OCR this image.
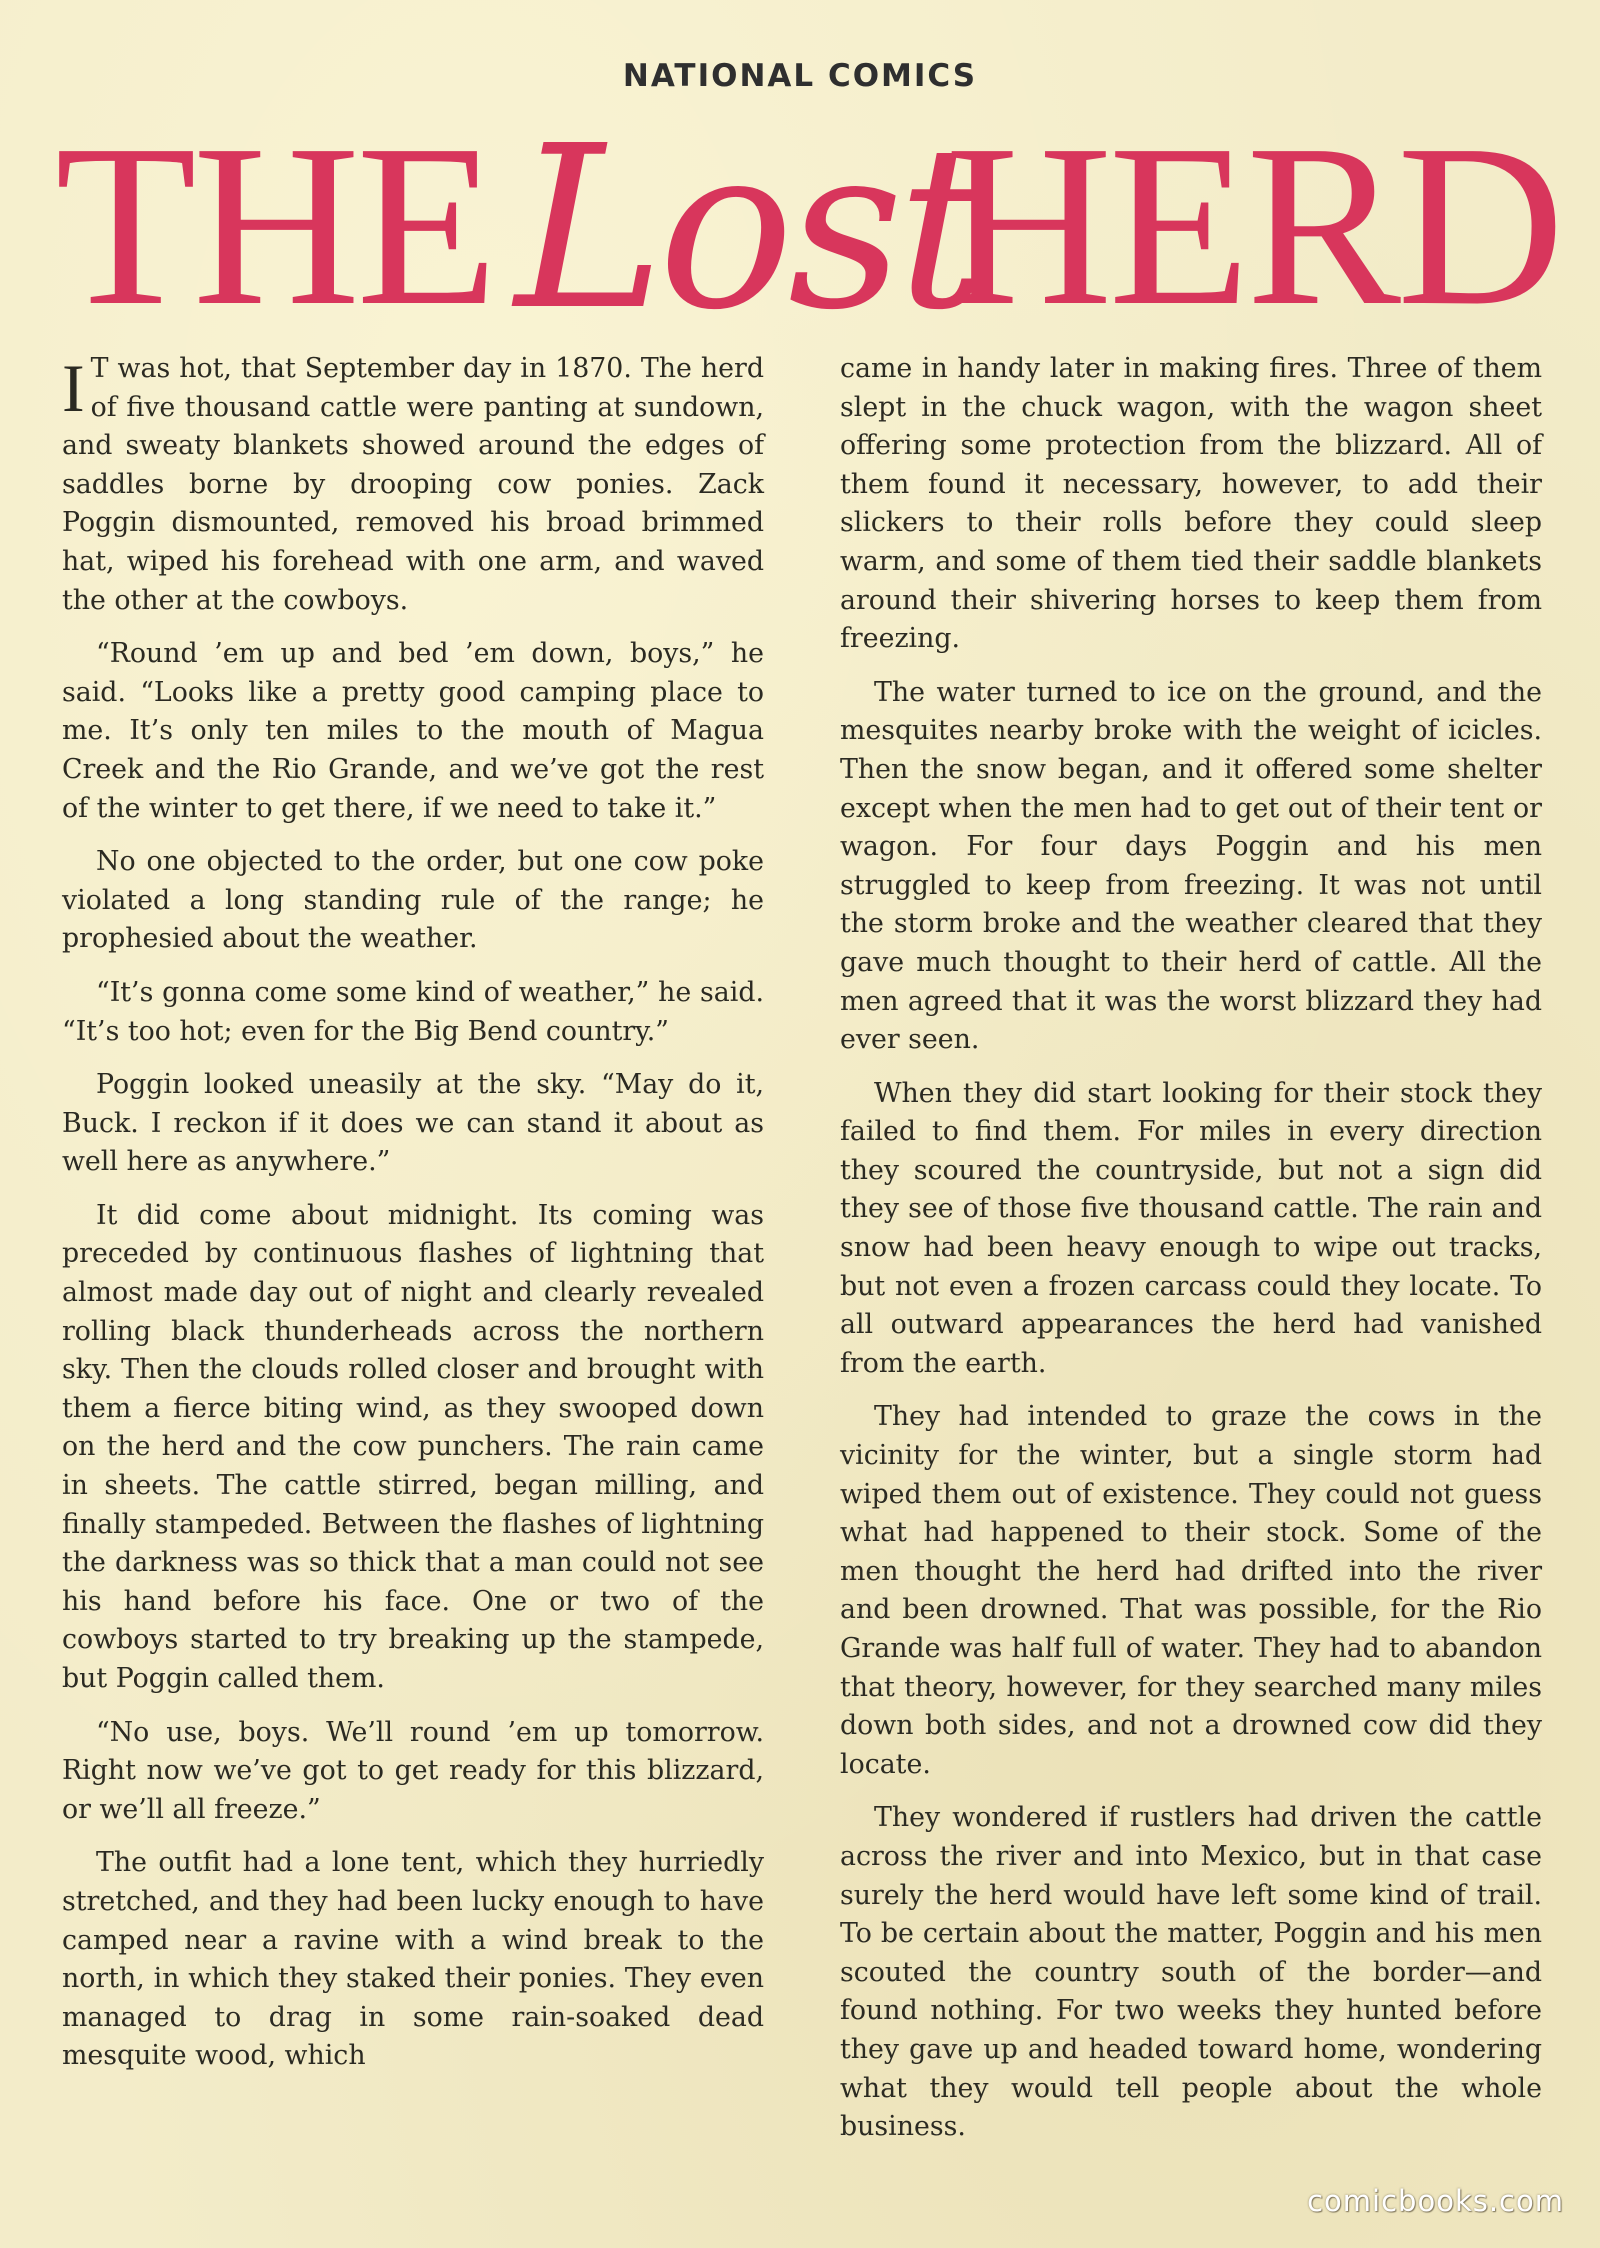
NATIONAL COMICS
THE Lost
HERD

I T was hot, that September day in 1870. The herd of five thousand cattle were panting at sundown, and sweaty blankets showed around the edges of saddles borne by drooping cow ponies. Zack Poggin dismounted, removed his broad brimmed hat, wiped his forehead with one arm, and waved the other at the cowboys.

“Round ’em up and bed ’em down, boys,” he said. “Looks like a pretty good camping place to me. It’s only ten miles to the mouth of Magua Creek and the Rio Grande, and we’ve got the rest of the winter to get there, if we need to take it.”

No one objected to the order, but one cow poke violated a long standing rule of the range; he prophesied about the weather.

“It’s gonna come some kind of weather,” he said. “It’s too hot; even for the Big Bend country.”

Poggin looked uneasily at the sky. “May do it, Buck. I reckon if it does we can stand it about as well here as anywhere.”

It did come about midnight. Its coming was preceded by continuous flashes of lightning that almost made day out of night and clearly revealed rolling black thunderheads across the northern sky. Then the clouds rolled closer and brought with them a fierce biting wind, as they swooped down on the herd and the cow punchers. The rain came in sheets. The cattle stirred, began milling, and finally stampeded. Between the flashes of lightning the darkness was so thick that a man could not see his hand before his face. One or two of the cowboys started to try breaking up the stampede, but Poggin called them.

“No use, boys. We’ll round ’em up tomorrow. Right now we’ve got to get ready for this blizzard, or we’ll all freeze.”

The outfit had a lone tent, which they hurriedly stretched, and they had been lucky enough to have camped near a ravine with a wind break to the north, in which they staked their ponies. They even managed to drag in some rain-soaked dead mesquite wood, which

came in handy later in making fires. Three of them slept in the chuck wagon, with the wagon sheet offering some protection from the blizzard. All of them found it necessary, however, to add their slickers to their rolls before they could sleep warm, and some of them tied their saddle blankets around their shivering horses to keep them from freezing.

The water turned to ice on the ground, and the mesquites nearby broke with the weight of icicles. Then the snow began, and it offered some shelter except when the men had to get out of their tent or wagon. For four days Poggin and his men struggled to keep from freezing. It was not until the storm broke and the weather cleared that they gave much thought to their herd of cattle. All the men agreed that it was the worst blizzard they had ever seen.

When they did start looking for their stock they failed to find them. For miles in every direction they scoured the countryside, but not a sign did they see of those five thousand cattle. The rain and snow had been heavy enough to wipe out tracks, but not even a frozen carcass could they locate. To all outward appearances the herd had vanished from the earth.

They had intended to graze the cows in the vicinity for the winter, but a single storm had wiped them out of existence. They could not guess what had happened to their stock. Some of the men thought the herd had drifted into the river and been drowned. That was possible, for the Rio Grande was half full of water. They had to abandon that theory, however, for they searched many miles down both sides, and not a drowned cow did they locate.

They wondered if rustlers had driven the cattle across the river and into Mexico, but in that case surely the herd would have left some kind of trail. To be certain about the matter, Poggin and his men scouted the country south of the border—and found nothing. For two weeks they hunted before they gave up and headed toward home, wondering what they would tell people about the whole business.

comicbooks.com
